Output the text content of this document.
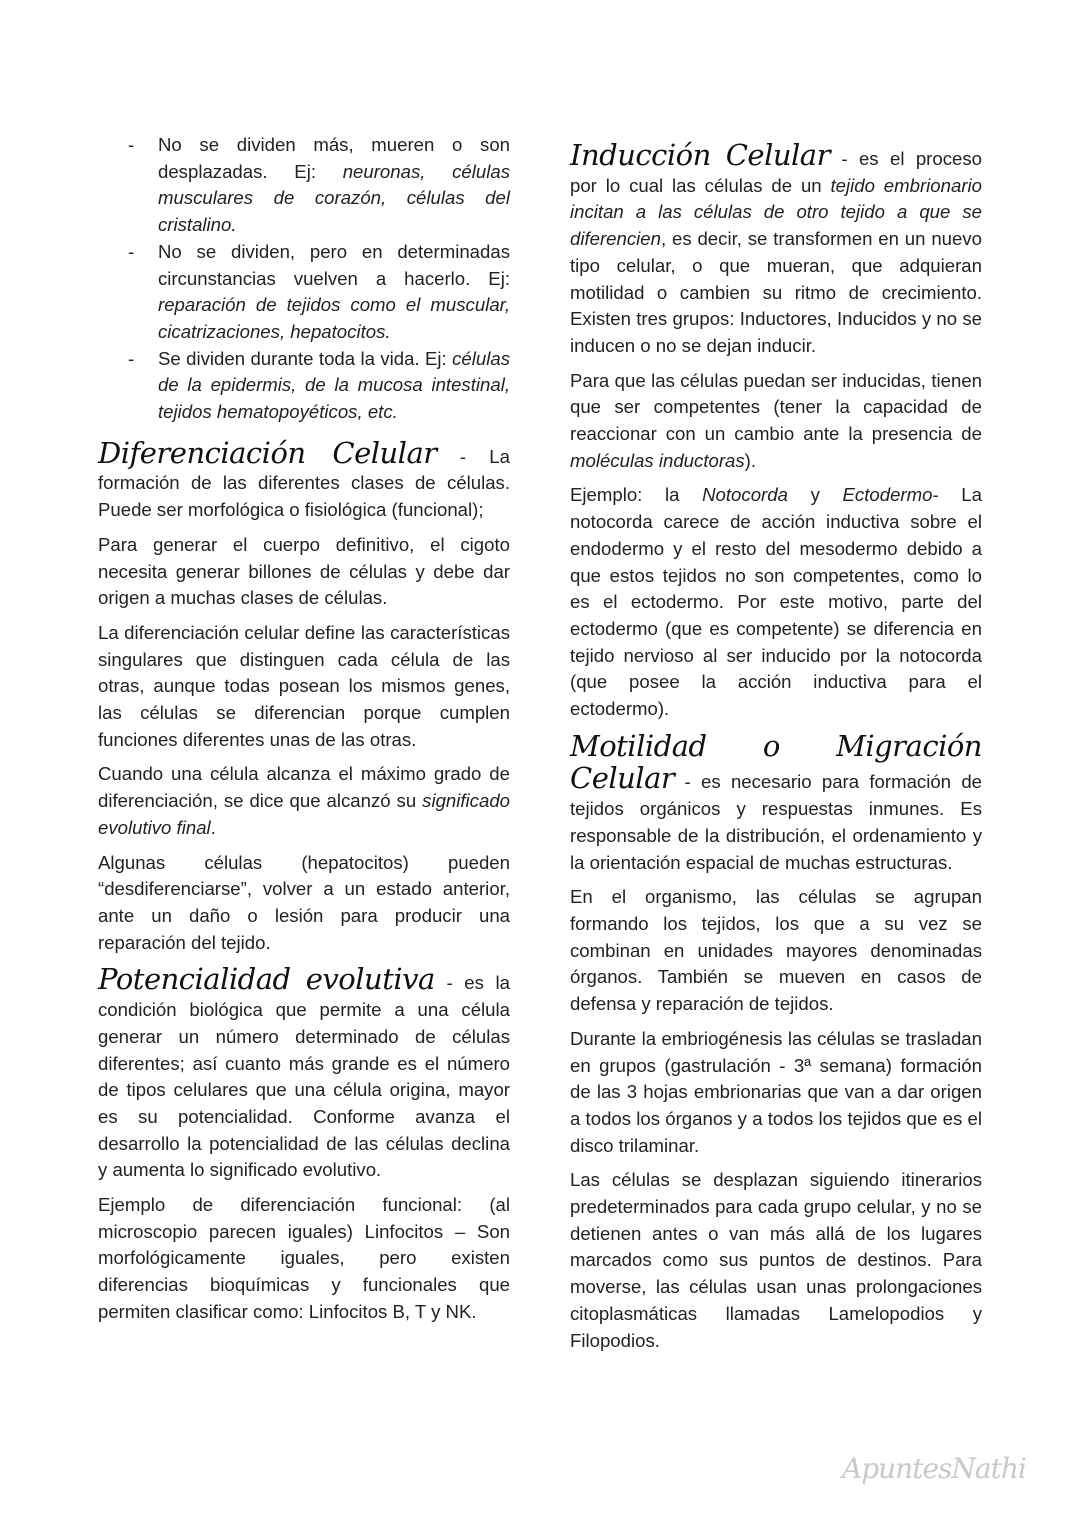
- No se dividen más, mueren o son desplazadas. Ej: neuronas, células musculares de corazón, células del cristalino.
- No se dividen, pero en determinadas circunstancias vuelven a hacerlo. Ej: reparación de tejidos como el muscular, cicatrizaciones, hepatocitos.
- Se dividen durante toda la vida. Ej: células de la epidermis, de la mucosa intestinal, tejidos hematopoyéticos, etc.

Diferenciación Celular - La formación de las diferentes clases de células. Puede ser morfológica o fisiológica (funcional);

Para generar el cuerpo definitivo, el cigoto necesita generar billones de células y debe dar origen a muchas clases de células.

La diferenciación celular define las características singulares que distinguen cada célula de las otras, aunque todas posean los mismos genes, las células se diferencian porque cumplen funciones diferentes unas de las otras.

Cuando una célula alcanza el máximo grado de diferenciación, se dice que alcanzó su significado evolutivo final.

Algunas células (hepatocitos) pueden “desdiferenciarse”, volver a un estado anterior, ante un daño o lesión para producir una reparación del tejido.

Potencialidad evolutiva - es la condición biológica que permite a una célula generar un número determinado de células diferentes; así cuanto más grande es el número de tipos celulares que una célula origina, mayor es su potencialidad. Conforme avanza el desarrollo la potencialidad de las células declina y aumenta lo significado evolutivo.

Ejemplo de diferenciación funcional: (al microscopio parecen iguales) Linfocitos – Son morfológicamente iguales, pero existen diferencias bioquímicas y funcionales que permiten clasificar como: Linfocitos B, T y NK.

Inducción Celular - es el proceso por lo cual las células de un tejido embrionario incitan a las células de otro tejido a que se diferencien, es decir, se transformen en un nuevo tipo celular, o que mueran, que adquieran motilidad o cambien su ritmo de crecimiento. Existen tres grupos: Inductores, Inducidos y no se inducen o no se dejan inducir.

Para que las células puedan ser inducidas, tienen que ser competentes (tener la capacidad de reaccionar con un cambio ante la presencia de moléculas inductoras).

Ejemplo: la Notocorda y Ectodermo- La notocorda carece de acción inductiva sobre el endodermo y el resto del mesodermo debido a que estos tejidos no son competentes, como lo es el ectodermo. Por este motivo, parte del ectodermo (que es competente) se diferencia en tejido nervioso al ser inducido por la notocorda (que posee la acción inductiva para el ectodermo).

Motilidad o Migración Celular - es necesario para formación de tejidos orgánicos y respuestas inmunes. Es responsable de la distribución, el ordenamiento y la orientación espacial de muchas estructuras.

En el organismo, las células se agrupan formando los tejidos, los que a su vez se combinan en unidades mayores denominadas órganos. También se mueven en casos de defensa y reparación de tejidos.

Durante la embriogénesis las células se trasladan en grupos (gastrulación - 3ª semana) formación de las 3 hojas embrionarias que van a dar origen a todos los órganos y a todos los tejidos que es el disco trilaminar.

Las células se desplazan siguiendo itinerarios predeterminados para cada grupo celular, y no se detienen antes o van más allá de los lugares marcados como sus puntos de destinos. Para moverse, las células usan unas prolongaciones citoplasmáticas llamadas Lamelopodios y Filopodios.

ApuntesNathi
